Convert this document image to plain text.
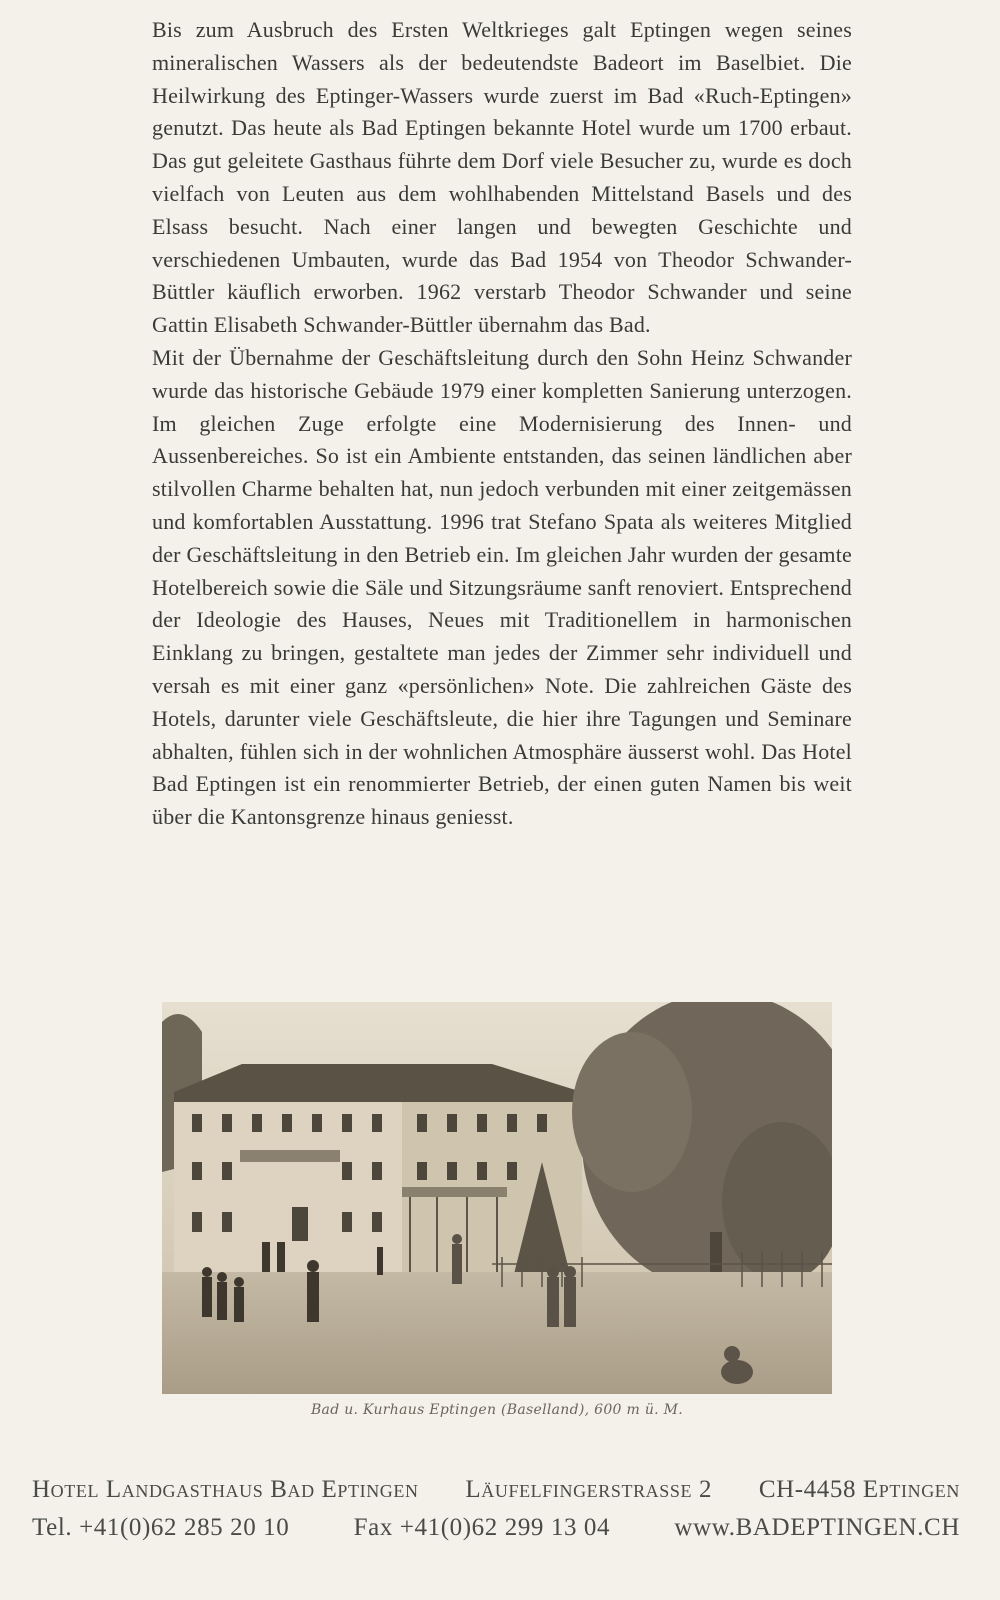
Bis zum Ausbruch des Ersten Weltkrieges galt Eptingen wegen seines mineralischen Wassers als der bedeutendste Badeort im Baselbiet. Die Heilwirkung des Eptinger-Wassers wurde zuerst im Bad «Ruch-Eptingen» genutzt. Das heute als Bad Eptingen bekannte Hotel wurde um 1700 erbaut. Das gut geleitete Gasthaus führte dem Dorf viele Besucher zu, wurde es doch vielfach von Leuten aus dem wohlhabenden Mittelstand Basels und des Elsass besucht. Nach einer langen und bewegten Geschichte und verschiedenen Umbauten, wurde das Bad 1954 von Theodor Schwander-Büttler käuflich erworben. 1962 verstarb Theodor Schwander und seine Gattin Elisabeth Schwander-Büttler übernahm das Bad.

Mit der Übernahme der Geschäftsleitung durch den Sohn Heinz Schwander wurde das historische Gebäude 1979 einer kompletten Sanierung unterzogen. Im gleichen Zuge erfolgte eine Modernisierung des Innen- und Aussenbereiches. So ist ein Ambiente entstanden, das seinen ländlichen aber stilvollen Charme behalten hat, nun jedoch verbunden mit einer zeitgemässen und komfortablen Ausstattung. 1996 trat Stefano Spata als weiteres Mitglied der Geschäftsleitung in den Betrieb ein. Im gleichen Jahr wurden der gesamte Hotelbereich sowie die Säle und Sitzungsräume sanft renoviert. Entsprechend der Ideologie des Hauses, Neues mit Traditionellem in harmonischen Einklang zu bringen, gestaltete man jedes der Zimmer sehr individuell und versah es mit einer ganz «persönlichen» Note. Die zahlreichen Gäste des Hotels, darunter viele Geschäftsleute, die hier ihre Tagungen und Seminare abhalten, fühlen sich in der wohnlichen Atmosphäre äusserst wohl. Das Hotel Bad Eptingen ist ein renommierter Betrieb, der einen guten Namen bis weit über die Kantonsgrenze hinaus geniesst.

Bad u. Kurhaus Eptingen (Baselland), 600 m ü. M.
Hotel Landgasthaus Bad Eptingen Läufelfingerstrasse 2 CH-4458 Eptingen
Tel. +41(0)62 285 20 10	Fax +41(0)62 299 13 04	www.BADEPTINGEN.CH
